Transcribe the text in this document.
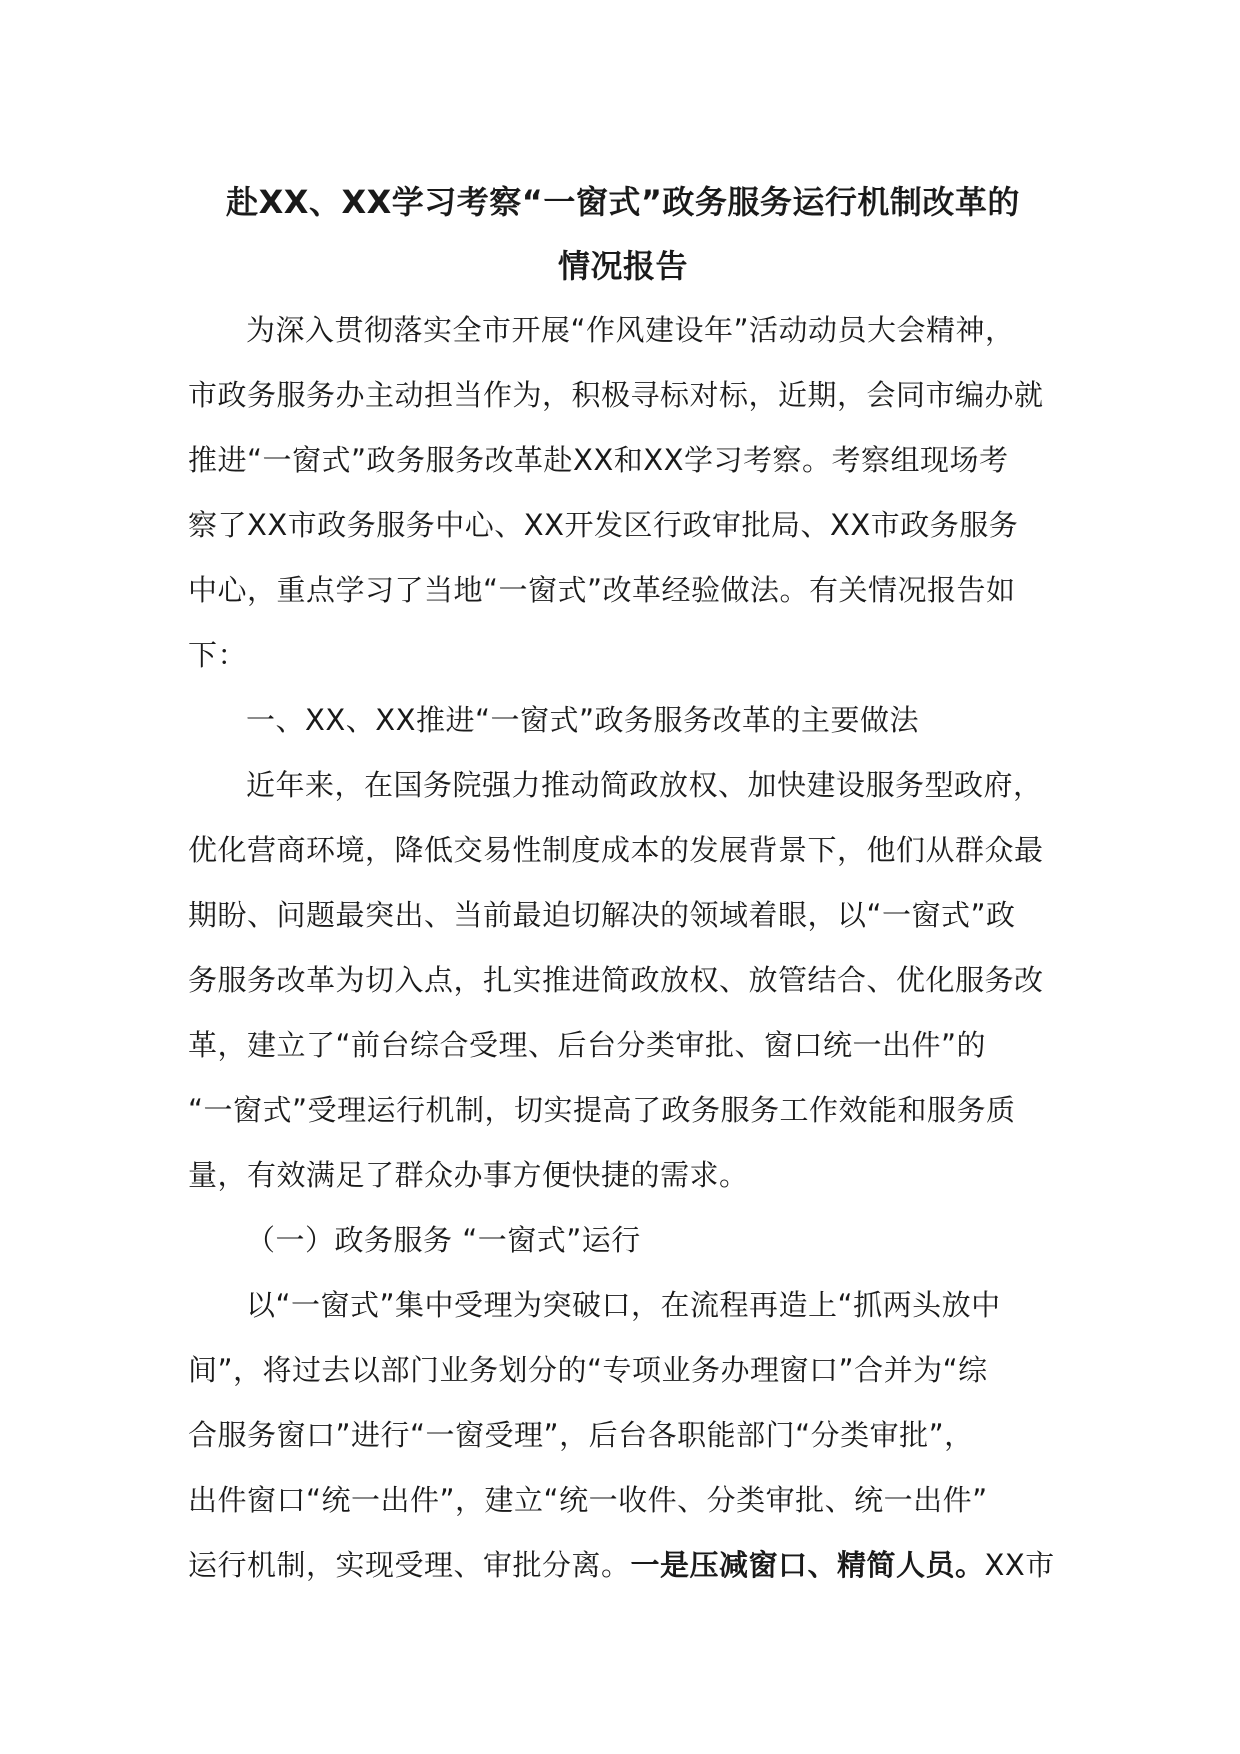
赴XX、XX学习考察“一窗式”政务服务运行机制改革的
情况报告
为深入贯彻落实全市开展“作风建设年”活动动员大会精神，
市政务服务办主动担当作为，积极寻标对标，近期，会同市编办就
推进“一窗式”政务服务改革赴XX和XX学习考察。考察组现场考
察了XX市政务服务中心、XX开发区行政审批局、XX市政务服务
中心，重点学习了当地“一窗式”改革经验做法。有关情况报告如
下：
一、XX、XX推进“一窗式”政务服务改革的主要做法
近年来，在国务院强力推动简政放权、加快建设服务型政府，
优化营商环境，降低交易性制度成本的发展背景下，他们从群众最
期盼、问题最突出、当前最迫切解决的领域着眼，以“一窗式”政
务服务改革为切入点，扎实推进简政放权、放管结合、优化服务改
革，建立了“前台综合受理、后台分类审批、窗口统一出件”的
“一窗式”受理运行机制，切实提高了政务服务工作效能和服务质
量，有效满足了群众办事方便快捷的需求。
（一）政务服务 “一窗式”运行
以“一窗式”集中受理为突破口，在流程再造上“抓两头放中
间”，将过去以部门业务划分的“专项业务办理窗口”合并为“综
合服务窗口”进行“一窗受理”，后台各职能部门“分类审批”，
出件窗口“统一出件”，建立“统一收件、分类审批、统一出件”
运行机制，实现受理、审批分离。一是压减窗口、精简人员。XX市
